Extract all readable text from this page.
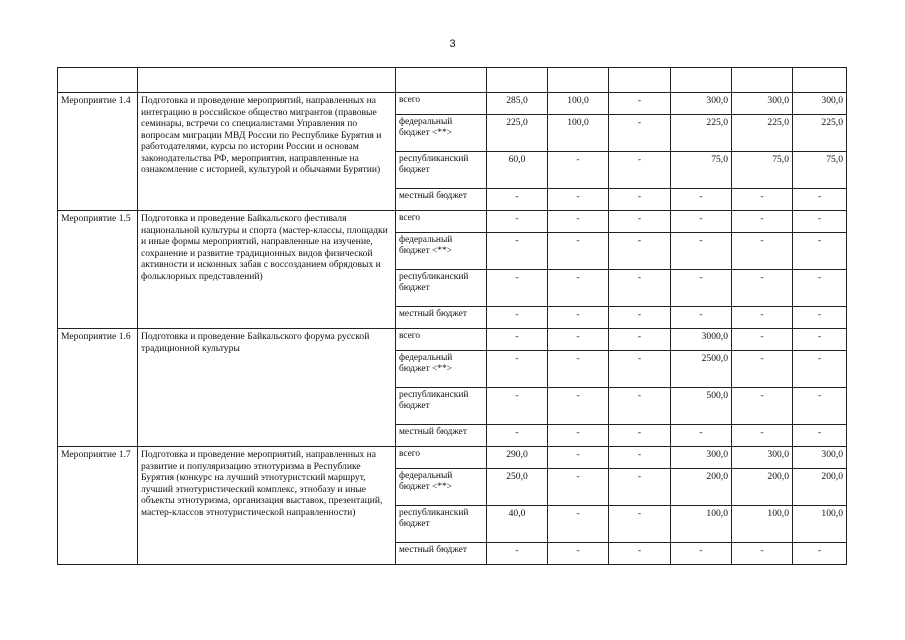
3

Мероприятие 1.4	Подготовка и проведение мероприятий, направленных на интеграцию в российское общество мигрантов (правовые семинары, встречи со специалистами Управления по вопросам миграции МВД России по Республике Бурятия и работодателями, курсы по истории России и основам законодательства РФ, мероприятия, направленные на ознакомление с историей, культурой и обычаями Бурятии)	всего	285,0	100,0	-	300,0	300,0	300,0
		федеральный бюджет <**>	225,0	100,0	-	225,0	225,0	225,0
		республиканский бюджет	60,0	-	-	75,0	75,0	75,0
		местный бюджет	-	-	-	-	-	-
Мероприятие 1.5	Подготовка и проведение Байкальского фестиваля национальной культуры и спорта (мастер-классы, площадки и иные формы мероприятий, направленные на изучение, сохранение и развитие традиционных видов физической активности и исконных забав с воссозданием обрядовых и фольклорных представлений)	всего	-	-	-	-	-	-
		федеральный бюджет <**>	-	-	-	-	-	-
		республиканский бюджет	-	-	-	-	-	-
		местный бюджет	-	-	-	-	-	-
Мероприятие 1.6	Подготовка и проведение Байкальского форума русской традиционной культуры	всего	-	-	-	3000,0	-	-
		федеральный бюджет <**>	-	-	-	2500,0	-	-
		республиканский бюджет	-	-	-	500,0	-	-
		местный бюджет	-	-	-	-	-	-
Мероприятие 1.7	Подготовка и проведение мероприятий, направленных на развитие и популяризацию этнотуризма в Республике Бурятия (конкурс на лучший этнотуристский маршрут, лучший этнотуристический комплекс, этнобазу и иные объекты этнотуризма, организация выставок, презентаций, мастер-классов этнотуристической направленности)	всего	290,0	-	-	300,0	300,0	300,0
		федеральный бюджет <**>	250,0	-	-	200,0	200,0	200,0
		республиканский бюджет	40,0	-	-	100,0	100,0	100,0
		местный бюджет	-	-	-	-	-	-
